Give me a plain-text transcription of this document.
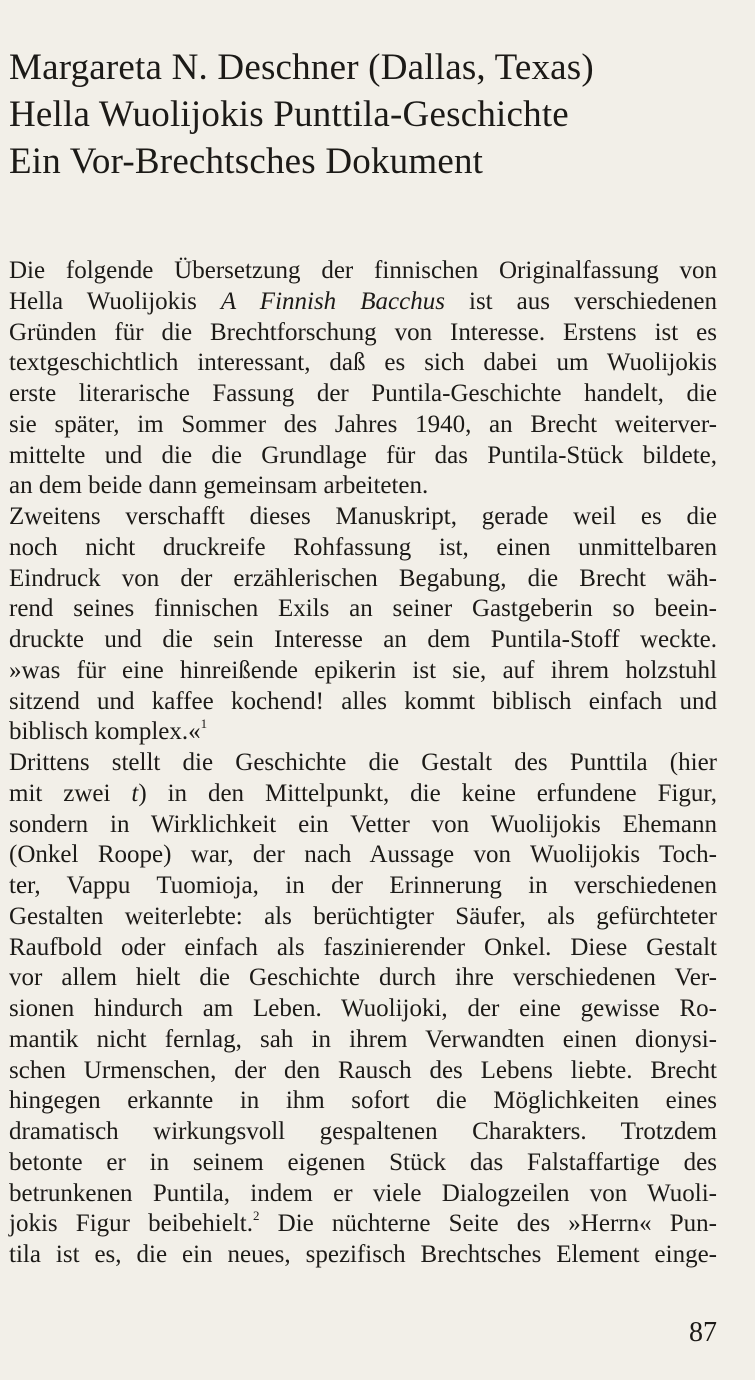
Margareta N. Deschner (Dallas, Texas)
Hella Wuolijokis Punttila-Geschichte
Ein Vor-Brechtsches Dokument
Die folgende Übersetzung der finnischen Originalfassung von
Hella Wuolijokis A Finnish Bacchus ist aus verschiedenen
Gründen für die Brechtforschung von Interesse. Erstens ist es
textgeschichtlich interessant, daß es sich dabei um Wuolijokis
erste literarische Fassung der Puntila-Geschichte handelt, die
sie später, im Sommer des Jahres 1940, an Brecht weiterver-
mittelte und die die Grundlage für das Puntila-Stück bildete,
an dem beide dann gemeinsam arbeiteten.
Zweitens verschafft dieses Manuskript, gerade weil es die
noch nicht druckreife Rohfassung ist, einen unmittelbaren
Eindruck von der erzählerischen Begabung, die Brecht wäh-
rend seines finnischen Exils an seiner Gastgeberin so beein-
druckte und die sein Interesse an dem Puntila-Stoff weckte.
»was für eine hinreißende epikerin ist sie, auf ihrem holzstuhl
sitzend und kaffee kochend! alles kommt biblisch einfach und
biblisch komplex.«$^1$
Drittens stellt die Geschichte die Gestalt des Punttila (hier
mit zwei t) in den Mittelpunkt, die keine erfundene Figur,
sondern in Wirklichkeit ein Vetter von Wuolijokis Ehemann
(Onkel Roope) war, der nach Aussage von Wuolijokis Toch-
ter, Vappu Tuomioja, in der Erinnerung in verschiedenen
Gestalten weiterlebte: als berüchtigter Säufer, als gefürchteter
Raufbold oder einfach als faszinierender Onkel. Diese Gestalt
vor allem hielt die Geschichte durch ihre verschiedenen Ver-
sionen hindurch am Leben. Wuolijoki, der eine gewisse Ro-
mantik nicht fernlag, sah in ihrem Verwandten einen dionysi-
schen Urmenschen, der den Rausch des Lebens liebte. Brecht
hingegen erkannte in ihm sofort die Möglichkeiten eines
dramatisch wirkungsvoll gespaltenen Charakters. Trotzdem
betonte er in seinem eigenen Stück das Falstaffartige des
betrunkenen Puntila, indem er viele Dialogzeilen von Wuoli-
jokis Figur beibehielt.$^2$ Die nüchterne Seite des »Herrn« Pun-
tila ist es, die ein neues, spezifisch Brechtsches Element einge-
87
